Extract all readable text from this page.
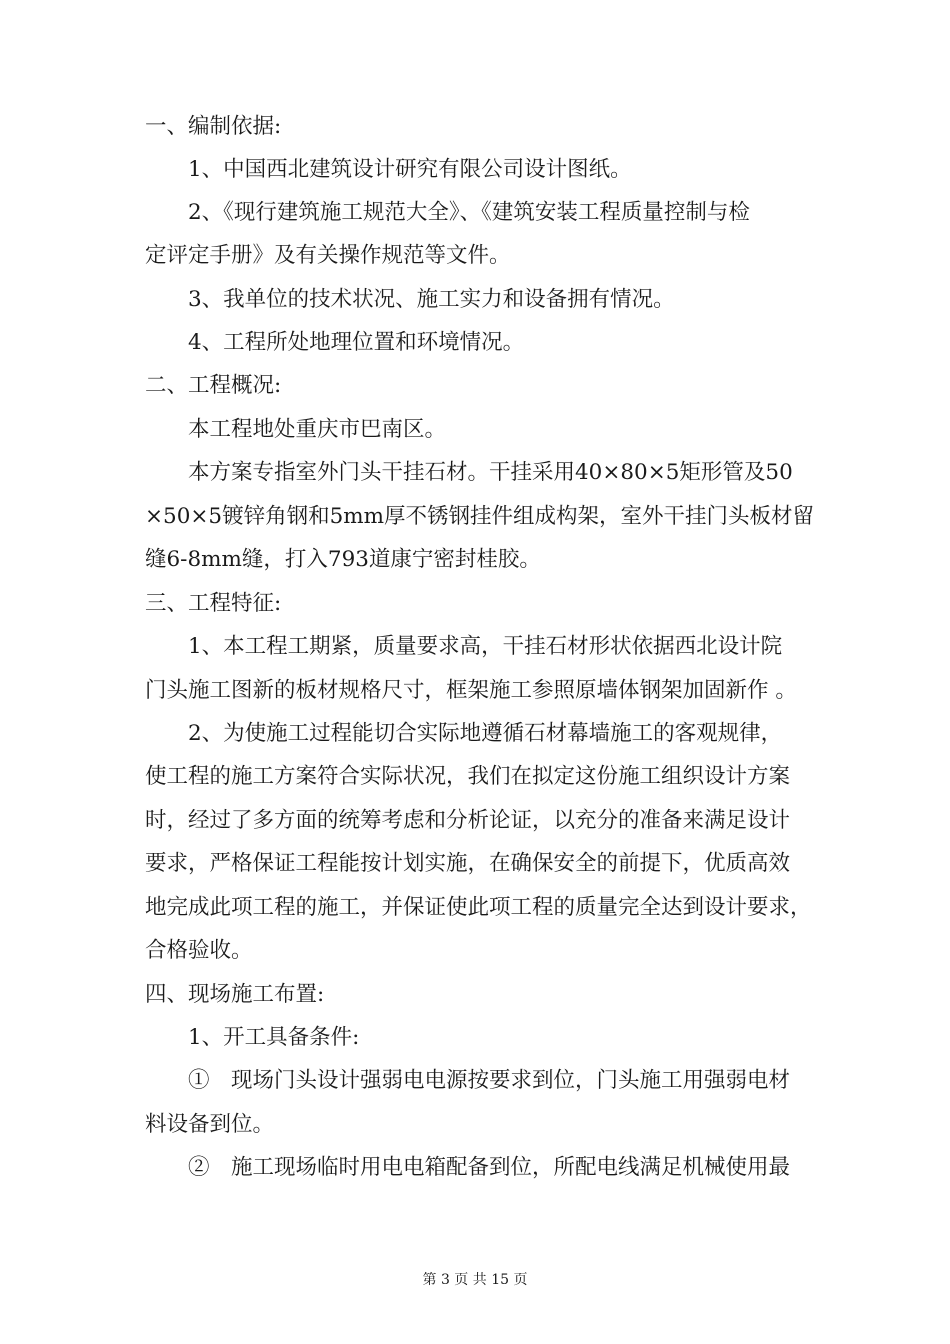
一、编制依据:
1、中国西北建筑设计研究有限公司设计图纸。
2、《现行建筑施工规范大全》、《建筑安装工程质量控制与检
定评定手册》及有关操作规范等文件。
3、我单位的技术状况、施工实力和设备拥有情况。
4、工程所处地理位置和环境情况。
二、工程概况:
本工程地处重庆市巴南区。
本方案专指室外门头干挂石材。干挂采用40×80×5矩形管及50
×50×5镀锌角钢和5mm厚不锈钢挂件组成构架，室外干挂门头板材留
缝6-8mm缝，打入793道康宁密封桂胶。
三、工程特征:
1、本工程工期紧，质量要求高，干挂石材形状依据西北设计院
门头施工图新的板材规格尺寸，框架施工参照原墙体钢架加固新作 。
2、为使施工过程能切合实际地遵循石材幕墙施工的客观规律，
使工程的施工方案符合实际状况，我们在拟定这份施工组织设计方案
时，经过了多方面的统筹考虑和分析论证，以充分的准备来满足设计
要求，严格保证工程能按计划实施，在确保安全的前提下，优质高效
地完成此项工程的施工，并保证使此项工程的质量完全达到设计要求，
合格验收。
四、现场施工布置:
1、开工具备条件:
①　现场门头设计强弱电电源按要求到位，门头施工用强弱电材
料设备到位。
②　施工现场临时用电电箱配备到位，所配电线满足机械使用最
第 3 页 共 15 页
